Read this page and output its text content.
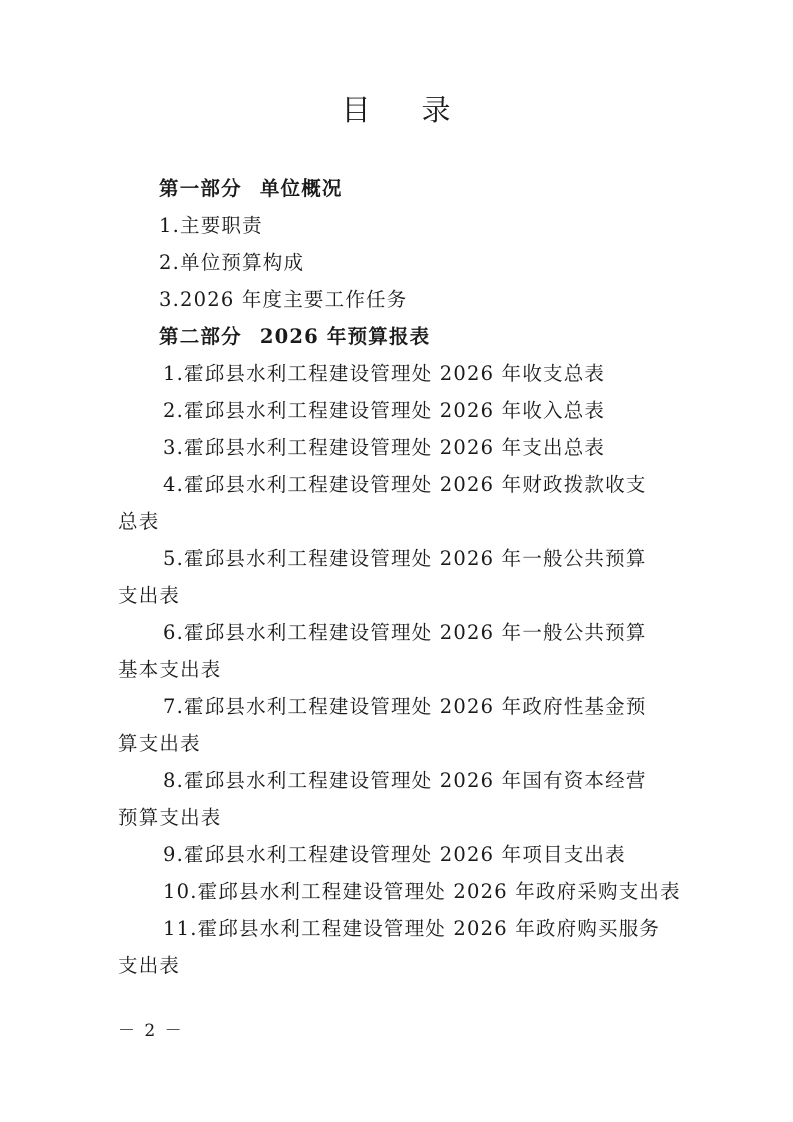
目 录
第一部分 单位概况
1.主要职责
2.单位预算构成
3.2026 年度主要工作任务
第二部分 2026 年预算报表
1.霍邱县水利工程建设管理处 2026 年收支总表
2.霍邱县水利工程建设管理处 2026 年收入总表
3.霍邱县水利工程建设管理处 2026 年支出总表
4.霍邱县水利工程建设管理处 2026 年财政拨款收支总表
5.霍邱县水利工程建设管理处 2026 年一般公共预算支出表
6.霍邱县水利工程建设管理处 2026 年一般公共预算基本支出表
7.霍邱县水利工程建设管理处 2026 年政府性基金预算支出表
8.霍邱县水利工程建设管理处 2026 年国有资本经营预算支出表
9.霍邱县水利工程建设管理处 2026 年项目支出表
10.霍邱县水利工程建设管理处 2026 年政府采购支出表
11.霍邱县水利工程建设管理处 2026 年政府购买服务支出表
－ 2 －
